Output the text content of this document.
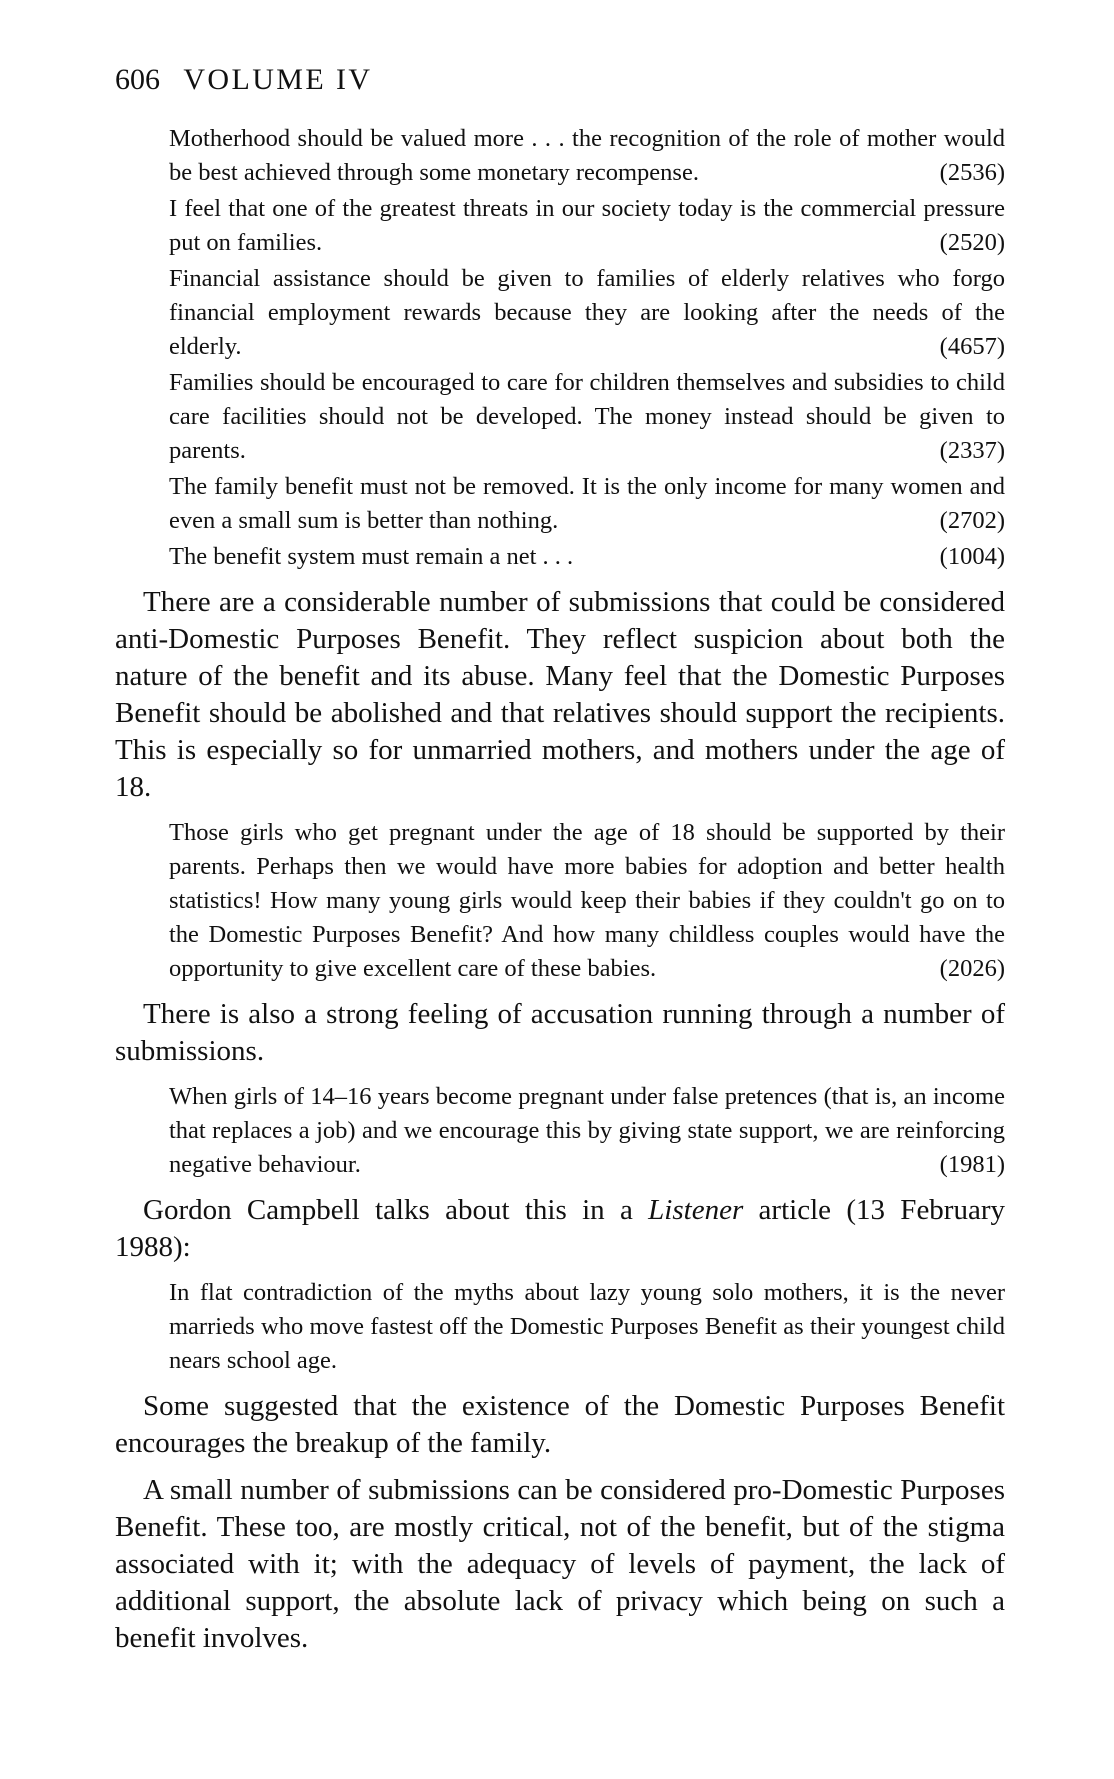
606 VOLUME IV

Motherhood should be valued more . . . the recognition of the role of mother would be best achieved through some monetary recompense.	(2536)

I feel that one of the greatest threats in our society today is the commercial pressure put on families.	(2520)

Financial assistance should be given to families of elderly relatives who forgo financial employment rewards because they are looking after the needs of the elderly.	(4657)

Families should be encouraged to care for children themselves and subsidies to child care facilities should not be developed. The money instead should be given to parents.	(2337)

The family benefit must not be removed. It is the only income for many women and even a small sum is better than nothing.	(2702)

The benefit system must remain a net . . .	(1004)

There are a considerable number of submissions that could be considered anti-Domestic Purposes Benefit. They reflect suspicion about both the nature of the benefit and its abuse. Many feel that the Domestic Purposes Benefit should be abolished and that relatives should support the recipients. This is especially so for unmarried mothers, and mothers under the age of 18.

Those girls who get pregnant under the age of 18 should be supported by their parents. Perhaps then we would have more babies for adoption and better health statistics! How many young girls would keep their babies if they couldn't go on to the Domestic Purposes Benefit? And how many childless couples would have the opportunity to give excellent care of these babies.	(2026)

There is also a strong feeling of accusation running through a number of submissions.

When girls of 14–16 years become pregnant under false pretences (that is, an income that replaces a job) and we encourage this by giving state support, we are reinforcing negative behaviour.	(1981)

Gordon Campbell talks about this in a Listener article (13 February 1988):

In flat contradiction of the myths about lazy young solo mothers, it is the never marrieds who move fastest off the Domestic Purposes Benefit as their youngest child nears school age.

Some suggested that the existence of the Domestic Purposes Benefit encourages the breakup of the family.

A small number of submissions can be considered pro-Domestic Purposes Benefit. These too, are mostly critical, not of the benefit, but of the stigma associated with it; with the adequacy of levels of payment, the lack of additional support, the absolute lack of privacy which being on such a benefit involves.
